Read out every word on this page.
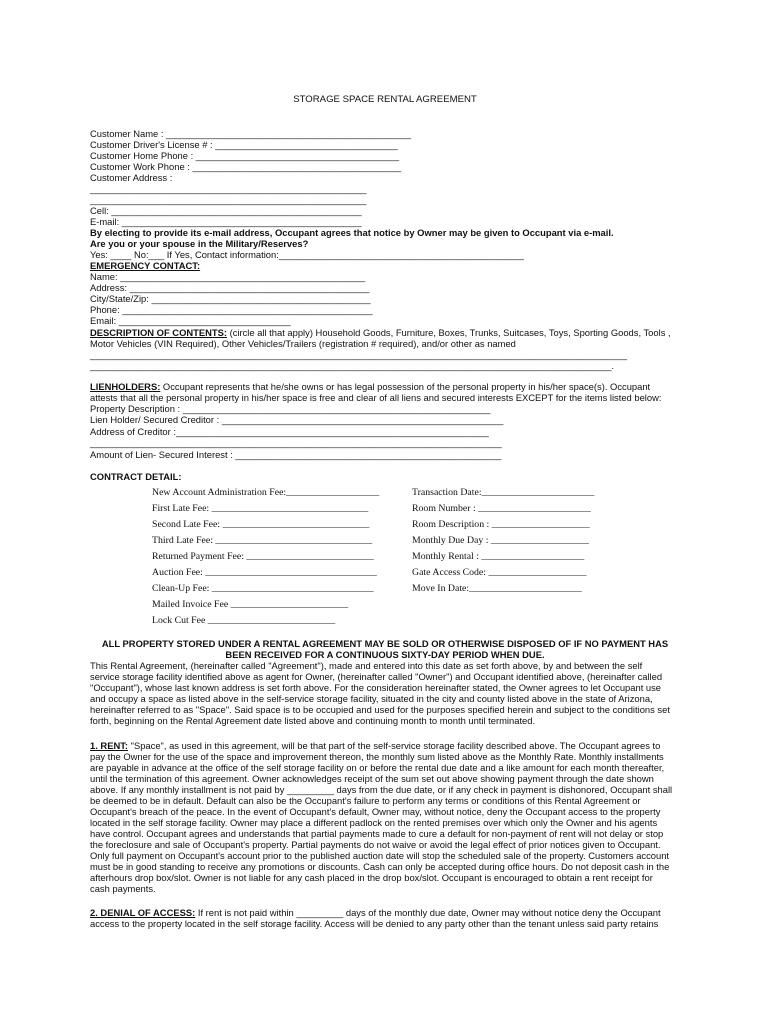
STORAGE SPACE RENTAL AGREEMENT
Customer Name : _______________________________________________
Customer Driver's License # : ___________________________________
Customer Home Phone : _______________________________________
Customer Work Phone : ________________________________________
Customer Address :
_____________________________________________________
_____________________________________________________
Cell: ________________________________________________
E-mail: ______________________________________________
By electing to provide its e-mail address, Occupant agrees that notice by Owner may be given to Occupant via e-mail.
Are you or your spouse in the Military/Reserves?
Yes: ____ No:___ If Yes, Contact information:_______________________________________________
EMERGENCY CONTACT:
Name: _______________________________________________
Address: ______________________________________________
City/State/Zip: __________________________________________
Phone: ________________________________________________
Email: _________________________________
DESCRIPTION OF CONTENTS: (circle all that apply) Household Goods, Furniture, Boxes, Trunks, Suitcases, Toys, Sporting Goods, Tools ,
Motor Vehicles (VIN Required), Other Vehicles/Trailers (registration # required), and/or other as named
_______________________________________________________________________________________________________
____________________________________________________________________________________________________.
LIENHOLDERS: Occupant represents that he/she owns or has legal possession of the personal property in his/her space(s). Occupant
attests that all the personal property in his/her space is free and clear of all liens and secured interests EXCEPT for the items listed below:
Property Description : ___________________________________________________________
Lien Holder/ Secured Creditor : ______________________________________________________
Address of Creditor :____________________________________________________________
_______________________________________________________________________________
Amount of Lien- Secured Interest : ___________________________________________________
CONTRACT DETAIL:
New Account Administration Fee:___________________
First Late Fee: ________________________________
Second Late Fee: ______________________________
Third Late Fee: ________________________________
Returned Payment Fee: __________________________
Auction Fee: ___________________________________
Clean-Up Fee: _________________________________
Mailed Invoice Fee ________________________
Lock Cut Fee __________________________
Transaction Date:_______________________
Room Number : _______________________
Room Description : ____________________
Monthly Due Day : ____________________
Monthly Rental : _____________________
Gate Access Code: ____________________
Move In Date:_______________________
ALL PROPERTY STORED UNDER A RENTAL AGREEMENT MAY BE SOLD OR OTHERWISE DISPOSED OF IF NO PAYMENT HAS
BEEN RECEIVED FOR A CONTINUOUS SIXTY-DAY PERIOD WHEN DUE.
This Rental Agreement, (hereinafter called "Agreement"), made and entered into this date as set forth above, by and between the self
service storage facility identified above as agent for Owner, (hereinafter called "Owner") and Occupant identified above, (hereinafter called
"Occupant"), whose last known address is set forth above. For the consideration hereinafter stated, the Owner agrees to let Occupant use
and occupy a space as listed above in the self-service storage facility, situated in the city and county listed above in the state of Arizona,
hereinafter referred to as "Space". Said space is to be occupied and used for the purposes specified herein and subject to the conditions set
forth, beginning on the Rental Agreement date listed above and continuing month to month until terminated.
1. RENT: "Space", as used in this agreement, will be that part of the self-service storage facility described above. The Occupant agrees to
pay the Owner for the use of the space and improvement thereon, the monthly sum listed above as the Monthly Rate. Monthly installments
are payable in advance at the office of the self storage facility on or before the rental due date and a like amount for each month thereafter,
until the termination of this agreement. Owner acknowledges receipt of the sum set out above showing payment through the date shown
above. If any monthly installment is not paid by _________ days from the due date, or if any check in payment is dishonored, Occupant shall
be deemed to be in default. Default can also be the Occupant's failure to perform any terms or conditions of this Rental Agreement or
Occupant's breach of the peace. In the event of Occupant's default, Owner may, without notice, deny the Occupant access to the property
located in the self storage facility. Owner may place a different padlock on the rented premises over which only the Owner and his agents
have control. Occupant agrees and understands that partial payments made to cure a default for non-payment of rent will not delay or stop
the foreclosure and sale of Occupant's property. Partial payments do not waive or avoid the legal effect of prior notices given to Occupant.
Only full payment on Occupant's account prior to the published auction date will stop the scheduled sale of the property. Customers account
must be in good standing to receive any promotions or discounts. Cash can only be accepted during office hours. Do not deposit cash in the
afterhours drop box/slot. Owner is not liable for any cash placed in the drop box/slot. Occupant is encouraged to obtain a rent receipt for
cash payments.
2. DENIAL OF ACCESS: If rent is not paid within _________ days of the monthly due date, Owner may without notice deny the Occupant
access to the property located in the self storage facility. Access will be denied to any party other than the tenant unless said party retains
